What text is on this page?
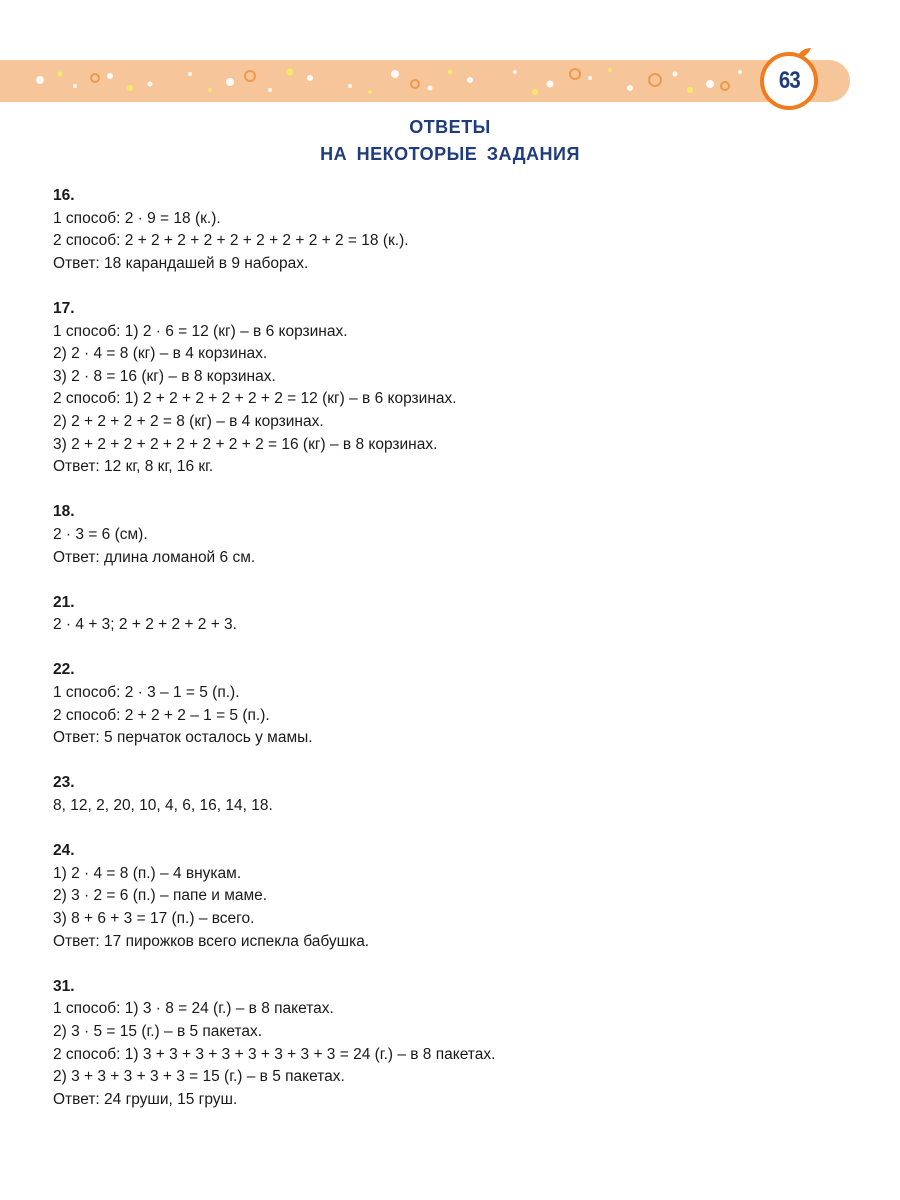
63
ОТВЕТЫ
НА НЕКОТОРЫЕ ЗАДАНИЯ
16.
1 способ: 2 · 9 = 18 (к.).
2 способ: 2 + 2 + 2 + 2 + 2 + 2 + 2 + 2 + 2 = 18 (к.).
Ответ: 18 карандашей в 9 наборах.
17.
1 способ: 1) 2 · 6 = 12 (кг) – в 6 корзинах.
2) 2 · 4 = 8 (кг) – в 4 корзинах.
3) 2 · 8 = 16 (кг) – в 8 корзинах.
2 способ: 1) 2 + 2 + 2 + 2 + 2 + 2 = 12 (кг) – в 6 корзинах.
2) 2 + 2 + 2 + 2 = 8 (кг) – в 4 корзинах.
3) 2 + 2 + 2 + 2 + 2 + 2 + 2 + 2 = 16 (кг) – в 8 корзинах.
Ответ: 12 кг, 8 кг, 16 кг.
18.
2 · 3 = 6 (см).
Ответ: длина ломаной 6 см.
21.
2 · 4 + 3; 2 + 2 + 2 + 2 + 3.
22.
1 способ: 2 · 3 – 1 = 5 (п.).
2 способ: 2 + 2 + 2 – 1 = 5 (п.).
Ответ: 5 перчаток осталось у мамы.
23.
8, 12, 2, 20, 10, 4, 6, 16, 14, 18.
24.
1) 2 · 4 = 8 (п.) – 4 внукам.
2) 3 · 2 = 6 (п.) – папе и маме.
3) 8 + 6 + 3 = 17 (п.) – всего.
Ответ: 17 пирожков всего испекла бабушка.
31.
1 способ: 1) 3 · 8 = 24 (г.) – в 8 пакетах.
2) 3 · 5 = 15 (г.) – в 5 пакетах.
2 способ: 1) 3 + 3 + 3 + 3 + 3 + 3 + 3 + 3 = 24 (г.) – в 8 пакетах.
2) 3 + 3 + 3 + 3 + 3 = 15 (г.) – в 5 пакетах.
Ответ: 24 груши, 15 груш.
